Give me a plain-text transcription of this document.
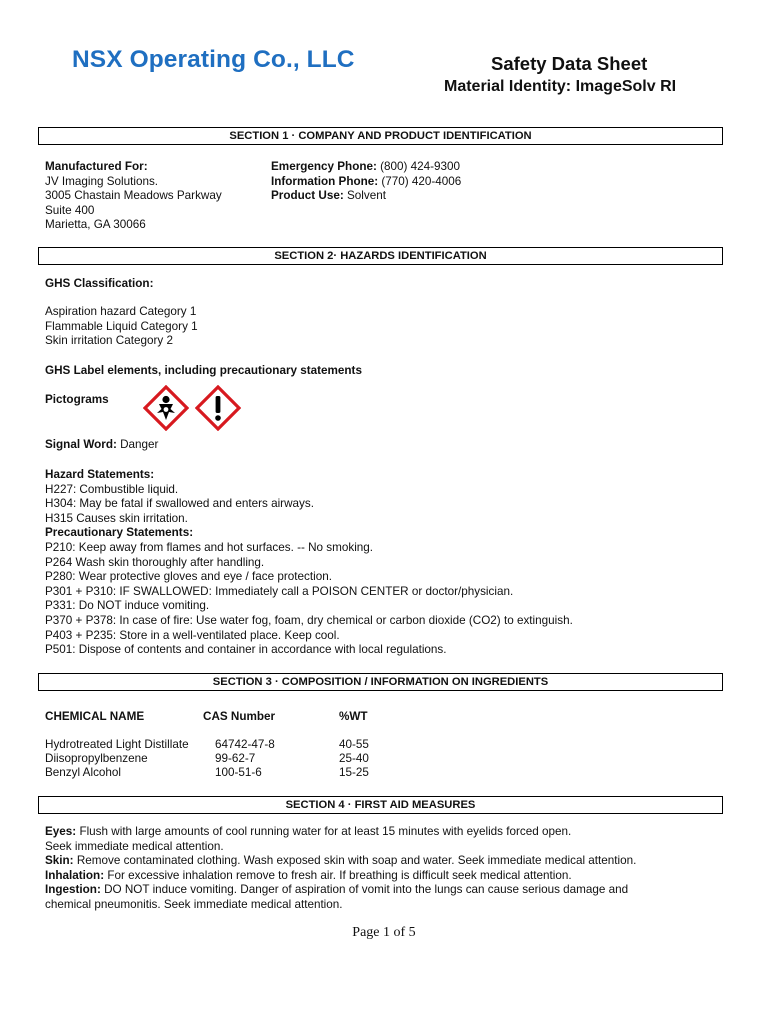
NSX Operating Co., LLC	Safety Data Sheet
Material Identity: ImageSolv RI
SECTION 1 · COMPANY AND PRODUCT IDENTIFICATION
Manufactured For:
JV Imaging Solutions.
3005 Chastain Meadows Parkway
Suite 400
Marietta, GA 30066
Emergency Phone: (800) 424-9300
Information Phone: (770) 420-4006
Product Use: Solvent
SECTION 2· HAZARDS IDENTIFICATION
GHS Classification:
Aspiration hazard Category 1
Flammable Liquid Category 1
Skin irritation Category 2
GHS Label elements, including precautionary statements
Pictograms
Signal Word: Danger
Hazard Statements:
H227: Combustible liquid.
H304: May be fatal if swallowed and enters airways.
H315 Causes skin irritation.
Precautionary Statements:
P210: Keep away from flames and hot surfaces. -- No smoking.
P264 Wash skin thoroughly after handling.
P280: Wear protective gloves and eye / face protection.
P301 + P310: IF SWALLOWED: Immediately call a POISON CENTER or doctor/physician.
P331: Do NOT induce vomiting.
P370 + P378: In case of fire: Use water fog, foam, dry chemical or carbon dioxide (CO2) to extinguish.
P403 + P235: Store in a well-ventilated place. Keep cool.
P501: Dispose of contents and container in accordance with local regulations.
SECTION 3 · COMPOSITION / INFORMATION ON INGREDIENTS
CHEMICAL NAME	CAS Number	%WT
Hydrotreated Light Distillate 64742-47-8	40-55
Diisopropylbenzene	99-62-7	25-40
Benzyl Alcohol	100-51-6	15-25
SECTION 4 · FIRST AID MEASURES
Eyes: Flush with large amounts of cool running water for at least 15 minutes with eyelids forced open.
Seek immediate medical attention.
Skin: Remove contaminated clothing. Wash exposed skin with soap and water. Seek immediate medical attention.
Inhalation: For excessive inhalation remove to fresh air. If breathing is difficult seek medical attention.
Ingestion: DO NOT induce vomiting. Danger of aspiration of vomit into the lungs can cause serious damage and
chemical pneumonitis. Seek immediate medical attention.
Page 1 of 5
